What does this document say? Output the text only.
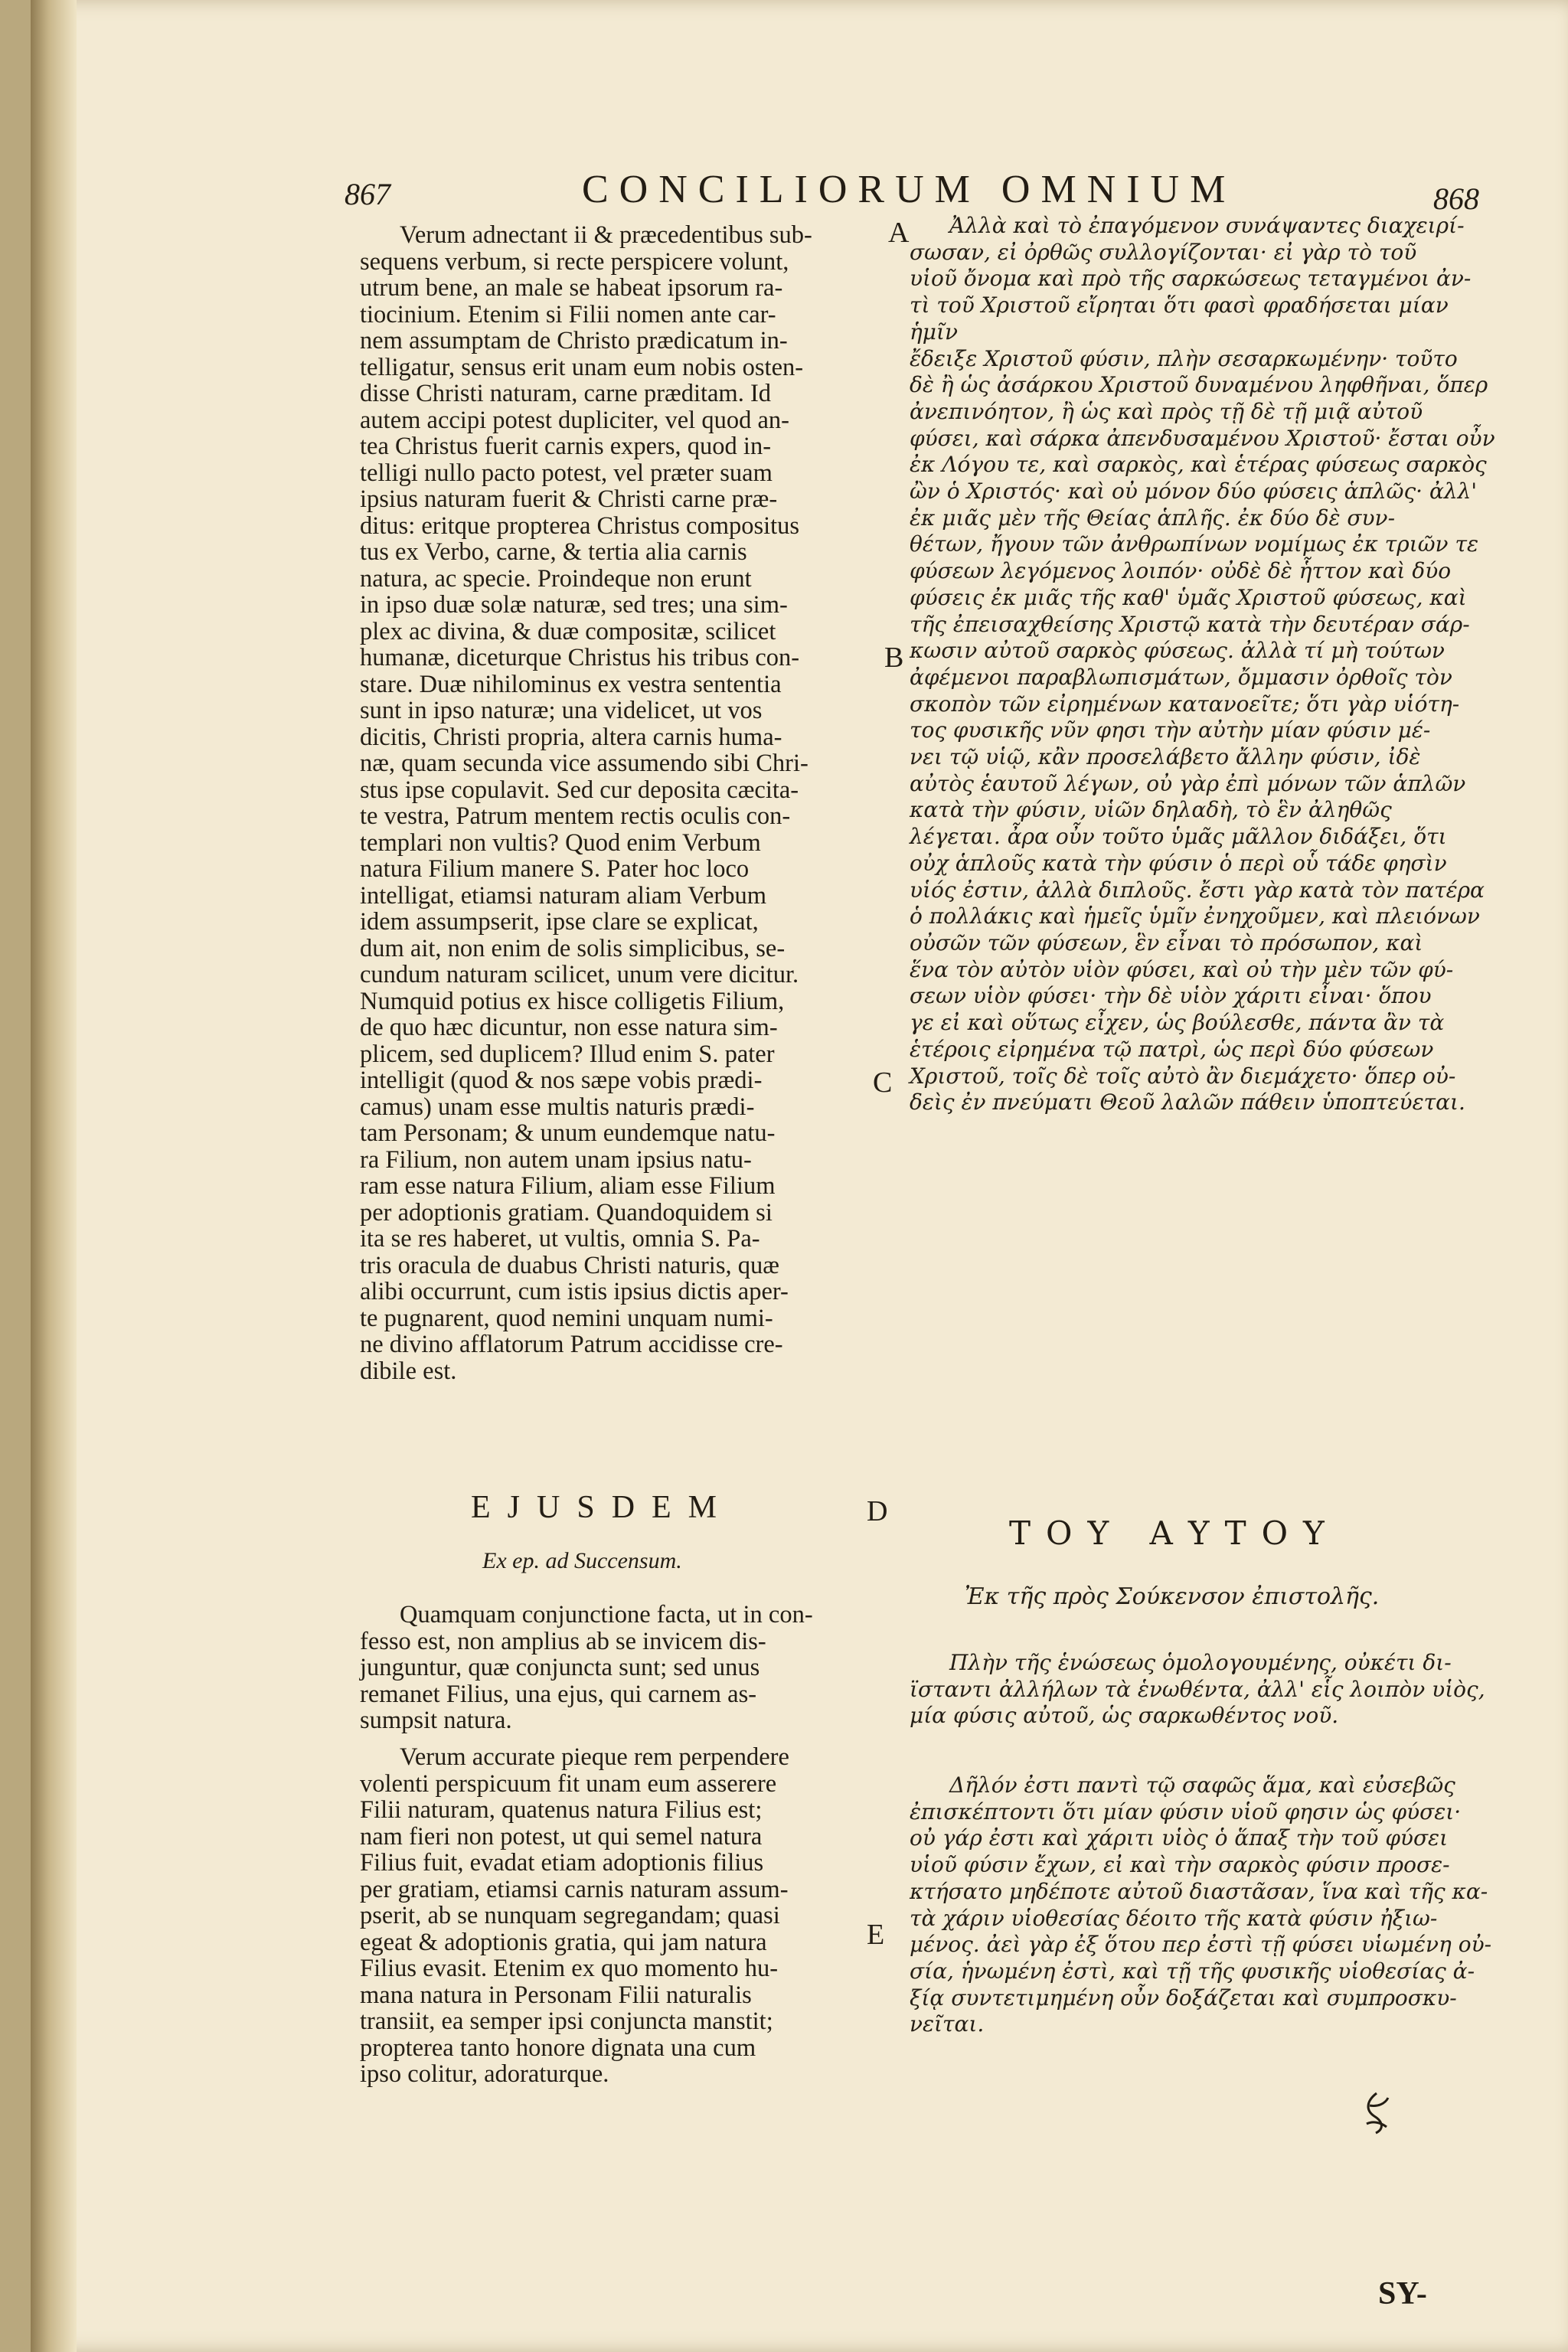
867	CONCILIORUM OMNIUM	868

Verum adnectant ii & præcedentibus sub-

sequens verbum, si recte perspicere volunt,

utrum bene, an male se habeat ipsorum ra-

tiocinium. Etenim si Filii nomen ante car-

nem assumptam de Christo prædicatum in-

telligatur, sensus erit unam eum nobis osten-

disse Christi naturam, carne præditam. Id

autem accipi potest dupliciter, vel quod an-

tea Christus fuerit carnis expers, quod in-

telligi nullo pacto potest, vel præter suam

ipsius naturam fuerit & Christi carne præ-

ditus: eritque propterea Christus compositus

tus ex Verbo, carne, & tertia alia carnis

natura, ac specie. Proindeque non erunt

in ipso duæ solæ naturæ, sed tres; una sim-

plex ac divina, & duæ compositæ, scilicet

humanæ, diceturque Christus his tribus con-

stare. Duæ nihilominus ex vestra sententia

sunt in ipso naturæ; una videlicet, ut vos

dicitis, Christi propria, altera carnis huma-

næ, quam secunda vice assumendo sibi Chri-

stus ipse copulavit. Sed cur deposita cæcita-

te vestra, Patrum mentem rectis oculis con-

templari non vultis? Quod enim Verbum

natura Filium manere S. Pater hoc loco

intelligat, etiamsi naturam aliam Verbum

idem assumpserit, ipse clare se explicat,

dum ait, non enim de solis simplicibus, se-

cundum naturam scilicet, unum vere dicitur.

Numquid potius ex hisce colligetis Filium,

de quo hæc dicuntur, non esse natura sim-

plicem, sed duplicem? Illud enim S. pater

intelligit (quod & nos sæpe vobis prædi-

camus) unam esse multis naturis prædi-

tam Personam; & unum eundemque natu-

ra Filium, non autem unam ipsius natu-

ram esse natura Filium, aliam esse Filium

per adoptionis gratiam. Quandoquidem si

ita se res haberet, ut vultis, omnia S. Pa-

tris oracula de duabus Christi naturis, quæ

alibi occurrunt, cum istis ipsius dictis aper-

te pugnarent, quod nemini unquam numi-

ne divino afflatorum Patrum accidisse cre-

dibile est.

Ἀλλὰ καὶ τὸ ἐπαγόμενον συνάψαντες διαχειρί-

σωσαν, εἰ ὀρθῶς συλλογίζονται· εἰ γὰρ τὸ τοῦ

υἱοῦ ὄνομα καὶ πρὸ τῆς σαρκώσεως τεταγμένοι ἀν-

τὶ τοῦ Χριστοῦ εἴρηται ὅτι φασὶ φραδήσεται μίαν ἡμῖν

ἔδειξε Χριστοῦ φύσιν, πλὴν σεσαρκωμένην· τοῦτο

δὲ ἢ ὡς ἀσάρκου Χριστοῦ δυναμένου ληφθῆναι, ὅπερ

ἀνεπινόητον, ἢ ὡς καὶ πρὸς τῇ δὲ τῇ μιᾷ αὐτοῦ

φύσει, καὶ σάρκα ἀπενδυσαμένου Χριστοῦ· ἔσται οὖν

ἐκ Λόγου τε, καὶ σαρκὸς, καὶ ἑτέρας φύσεως σαρκὸς

ὢν ὁ Χριστός· καὶ οὐ μόνον δύο φύσεις ἁπλῶς· ἀλλ'

ἐκ μιᾶς μὲν τῆς Θείας ἁπλῆς. ἐκ δύο δὲ συν-

θέτων, ἤγουν τῶν ἀνθρωπίνων νομίμως ἐκ τριῶν τε

φύσεων λεγόμενος λοιπόν· οὐδὲ δὲ ἧττον καὶ δύο

φύσεις ἐκ μιᾶς τῆς καθ' ὑμᾶς Χριστοῦ φύσεως, καὶ

τῆς ἐπεισαχθείσης Χριστῷ κατὰ τὴν δευτέραν σάρ-

κωσιν αὐτοῦ σαρκὸς φύσεως. ἀλλὰ τί μὴ τούτων

ἀφέμενοι παραβλωπισμάτων, ὄμμασιν ὀρθοῖς τὸν

σκοπὸν τῶν εἰρημένων κατανοεῖτε; ὅτι γὰρ υἱότη-

τος φυσικῆς νῦν φησι τὴν αὐτὴν μίαν φύσιν μέ-

νει τῷ υἱῷ, κἂν προσελάβετο ἄλλην φύσιν, ἰδὲ

αὐτὸς ἑαυτοῦ λέγων, οὐ γὰρ ἐπὶ μόνων τῶν ἁπλῶν

κατὰ τὴν φύσιν, υἱῶν δηλαδὴ, τὸ ἓν ἀληθῶς

λέγεται. ἆρα οὖν τοῦτο ὑμᾶς μᾶλλον διδάξει, ὅτι

οὐχ ἁπλοῦς κατὰ τὴν φύσιν ὁ περὶ οὗ τάδε φησὶν

υἱός ἐστιν, ἀλλὰ διπλοῦς. ἔστι γὰρ κατὰ τὸν πατέρα

ὁ πολλάκις καὶ ἡμεῖς ὑμῖν ἐνηχοῦμεν, καὶ πλειόνων

οὐσῶν τῶν φύσεων, ἓν εἶναι τὸ πρόσωπον, καὶ

ἕνα τὸν αὐτὸν υἱὸν φύσει, καὶ οὐ τὴν μὲν τῶν φύ-

σεων υἱὸν φύσει· τὴν δὲ υἱὸν χάριτι εἶναι· ὅπου

γε εἰ καὶ οὕτως εἶχεν, ὡς βούλεσθε, πάντα ἂν τὰ

ἑτέροις εἰρημένα τῷ πατρὶ, ὡς περὶ δύο φύσεων

Χριστοῦ, τοῖς δὲ τοῖς αὐτὸ ἂν διεμάχετο· ὅπερ οὐ-

δεὶς ἐν πνεύματι Θεοῦ λαλῶν πάθειν ὑποπτεύεται.

A
B
C
D
E
EJUSDEM
Ex ep. ad Succensum.

Quamquam conjunctione facta, ut in con-

fesso est, non amplius ab se invicem dis-

junguntur, quæ conjuncta sunt; sed unus

remanet Filius, una ejus, qui carnem as-

sumpsit natura.

Verum accurate pieque rem perpendere

volenti perspicuum fit unam eum asserere

Filii naturam, quatenus natura Filius est;

nam fieri non potest, ut qui semel natura

Filius fuit, evadat etiam adoptionis filius

per gratiam, etiamsi carnis naturam assum-

pserit, ab se nunquam segregandam; quasi

egeat & adoptionis gratia, qui jam natura

Filius evasit. Etenim ex quo momento hu-

mana natura in Personam Filii naturalis

transiit, ea semper ipsi conjuncta manstit;

propterea tanto honore dignata una cum

ipso colitur, adoraturque.

ΤΟΥ ΑΥΤΟΥ
Ἐκ τῆς πρὸς Σούκενσον ἐπιστολῆς.

Πλὴν τῆς ἑνώσεως ὁμολογουμένης, οὐκέτι δι-

ϊσταντι ἀλλήλων τὰ ἑνωθέντα, ἀλλ' εἷς λοιπὸν υἱὸς,

μία φύσις αὐτοῦ, ὡς σαρκωθέντος νοῦ.

Δῆλόν ἐστι παντὶ τῷ σαφῶς ἅμα, καὶ εὐσεβῶς

ἐπισκέπτοντι ὅτι μίαν φύσιν υἱοῦ φησιν ὡς φύσει·

οὐ γάρ ἐστι καὶ χάριτι υἱὸς ὁ ἅπαξ τὴν τοῦ φύσει

υἱοῦ φύσιν ἔχων, εἰ καὶ τὴν σαρκὸς φύσιν προσε-

κτήσατο μηδέποτε αὐτοῦ διαστᾶσαν, ἵνα καὶ τῆς κα-

τὰ χάριν υἱοθεσίας δέοιτο τῆς κατὰ φύσιν ἠξιω-

μένος. ἀεὶ γὰρ ἐξ ὅτου περ ἐστὶ τῇ φύσει υἱωμένη οὐ-

σία, ἡνωμένη ἐστὶ, καὶ τῇ τῆς φυσικῆς υἱοθεσίας ἀ-

ξίᾳ συντετιμημένη οὖν δοξάζεται καὶ συμπροσκυ-

νεῖται.

SY-
